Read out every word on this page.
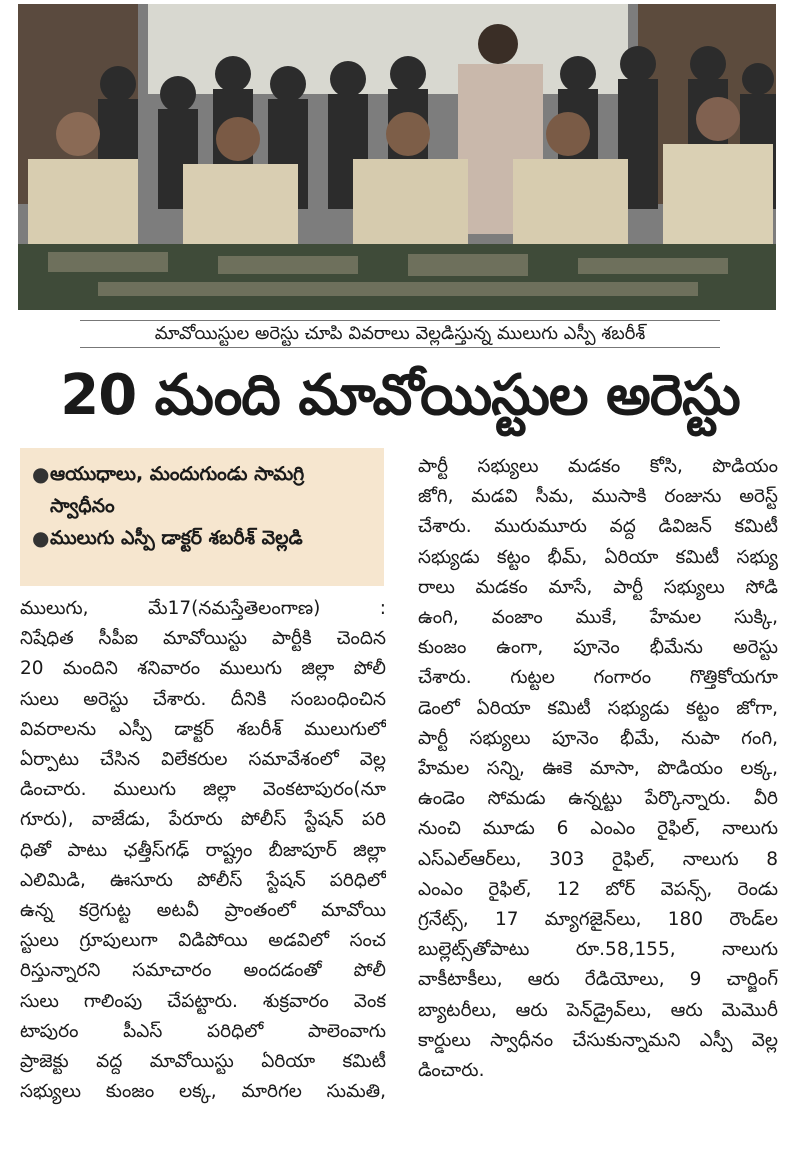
మావోయిస్టుల అరెస్టు చూపి వివరాలు వెల్లడిస్తున్న ములుగు ఎస్పీ శబరీశ్
20 మంది మావోయిస్టుల అరెస్టు
● ఆయుధాలు, మందుగుండు సామగ్రి స్వాధీనం
● ములుగు ఎస్పీ డాక్టర్ శబరీశ్ వెల్లడి
ములుగు, మే17(నమస్తేతెలంగాణ) :
నిషేధిత సీపీఐ మావోయిస్టు పార్టీకి చెందిన
20 మందిని శనివారం ములుగు జిల్లా పోలీ
సులు అరెస్టు చేశారు. దీనికి సంబంధించిన
వివరాలను ఎస్పీ డాక్టర్ శబరీశ్ ములుగులో
ఏర్పాటు చేసిన విలేకరుల సమావేశంలో వెల్ల
డించారు. ములుగు జిల్లా వెంకటాపురం(నూ
గూరు), వాజేడు, పేరూరు పోలీస్ స్టేషన్ పరి
ధితో పాటు ఛత్తీస్‌గఢ్ రాష్ట్రం బీజాపూర్ జిల్లా
ఎలిమిడి, ఊసూరు పోలీస్ స్టేషన్ పరిధిలో
ఉన్న కర్రెగుట్ట అటవీ ప్రాంతంలో మావోయి
స్టులు గ్రూపులుగా విడిపోయి అడవిలో సంచ
రిస్తున్నారని సమాచారం అందడంతో పోలీ
సులు గాలింపు చేపట్టారు. శుక్రవారం వెంక
టాపురం పీఎస్ పరిధిలో పాలెంవాగు
ప్రాజెక్టు వద్ద మావోయిస్టు ఏరియా కమిటీ
సభ్యులు కుంజం లక్క, మారిగల సుమతి,
పార్టీ సభ్యులు మడకం కోసి, పొడియం
జోగి, మడవి సీమ, ముసాకి రంజును అరెస్ట్
చేశారు. మురుమూరు వద్ద డివిజన్ కమిటీ
సభ్యుడు కట్టం భీమ్, ఏరియా కమిటీ సభ్యు
రాలు మడకం మాసే, పార్టీ సభ్యులు సోడి
ఉంగి, వంజాం ముకే, హేమల సుక్కి,
కుంజం ఉంగా, పూనెం భీమేను అరెస్టు
చేశారు. గుట్టల గంగారం గొత్తికోయగూ
డెంలో ఏరియా కమిటీ సభ్యుడు కట్టం జోగా,
పార్టీ సభ్యులు పూనెం భీమే, నుపా గంగి,
హేమల సన్ని, ఊకె మాసా, పొడియం లక్క,
ఉండెం సోమడు ఉన్నట్టు పేర్కొన్నారు. వీరి
నుంచి మూడు 6 ఎంఎం రైఫిల్, నాలుగు
ఎస్ఎల్ఆర్‌లు, 303 రైఫిల్, నాలుగు 8
ఎంఎం రైఫిల్, 12 బోర్ వెపన్స్, రెండు
గ్రనేట్స్, 17 మ్యాగజైన్‌లు, 180 రౌండ్‌ల
బుల్లెట్స్‌తోపాటు రూ.58,155, నాలుగు
వాకీటాకీలు, ఆరు రేడియోలు, 9 చార్జింగ్
బ్యాటరీలు, ఆరు పెన్‌డ్రైవ్‌లు, ఆరు మెమొరీ
కార్డులు స్వాధీనం చేసుకున్నామని ఎస్పీ వెల్ల
డించారు.
